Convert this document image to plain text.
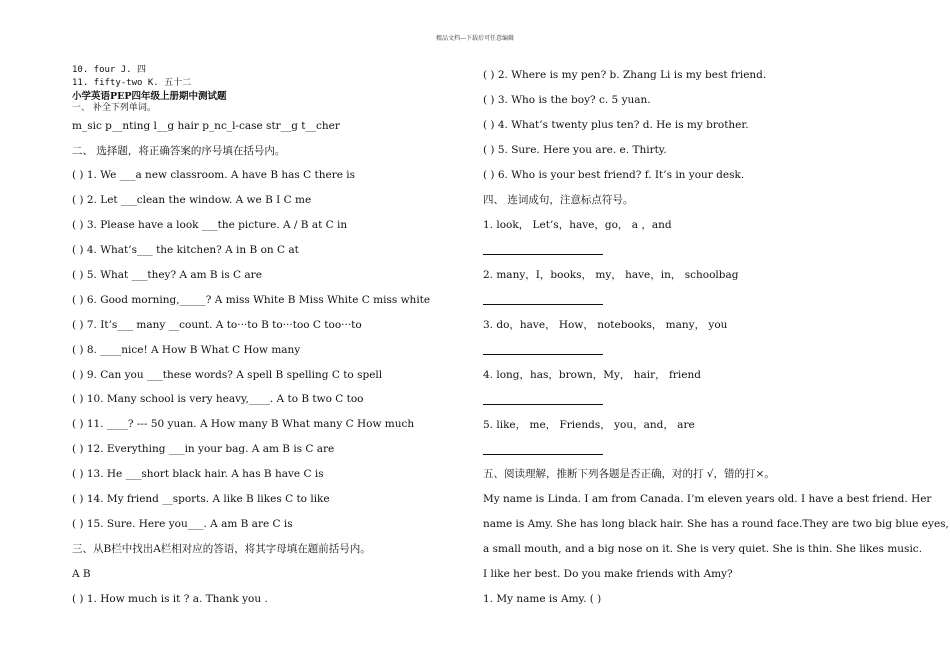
精品文档---下载后可任意编辑
10. four J. 四
11. fifty-two K. 五十二
小学英语PEP四年级上册期中测试题
一、 补全下列单词。
m_sic p__nting l__g hair p_nc_l-case str__g t__cher
二、 选择题，将正确答案的序号填在括号内。
( ) 1. We ___a new classroom. A have B has C there is
( ) 2. Let ___clean the window. A we B I C me
( ) 3. Please have a look ___the picture. A / B at C in
( ) 4. What’s___ the kitchen? A in B on C at
( ) 5. What ___they? A am B is C are
( ) 6. Good morning,_____? A miss White B Miss White C miss white
( ) 7. It’s___ many __count. A to···to B to···too C too···to
( ) 8. ____nice! A How B What C How many
( ) 9. Can you ___these words? A spell B spelling C to spell
( ) 10. Many school is very heavy,____. A to B two C too
( ) 11. ____? --- 50 yuan. A How many B What many C How much
( ) 12. Everything ___in your bag. A am B is C are
( ) 13. He ___short black hair. A has B have C is
( ) 14. My friend __sports. A like B likes C to like
( ) 15. Sure. Here you___. A am B are C is
三、从B栏中找出A栏相对应的答语，将其字母填在题前括号内。
A B
( ) 1. How much is it ? a. Thank you .
( ) 2. Where is my pen? b. Zhang Li is my best friend.
( ) 3. Who is the boy? c. 5 yuan.
( ) 4. What’s twenty plus ten? d. He is my brother.
( ) 5. Sure. Here you are. e. Thirty.
( ) 6. Who is your best friend? f. It’s in your desk.
四、 连词成句，注意标点符号。
1. look， Let’s，have，go， a ，and
2. many，I，books， my， have，in， schoolbag
3. do，have， How， notebooks， many， you
4. long，has，brown，My， hair， friend
5. like， me， Friends， you，and， are
五、阅读理解，推断下列各题是否正确，对的打 √，错的打×。
My name is Linda. I am from Canada. I’m eleven years old. I have a best friend. Her
name is Amy. She has long black hair. She has a round face.They are two big blue eyes,
a small mouth, and a big nose on it. She is very quiet. She is thin. She likes music.
I like her best. Do you make friends with Amy?
1. My name is Amy. ( )
